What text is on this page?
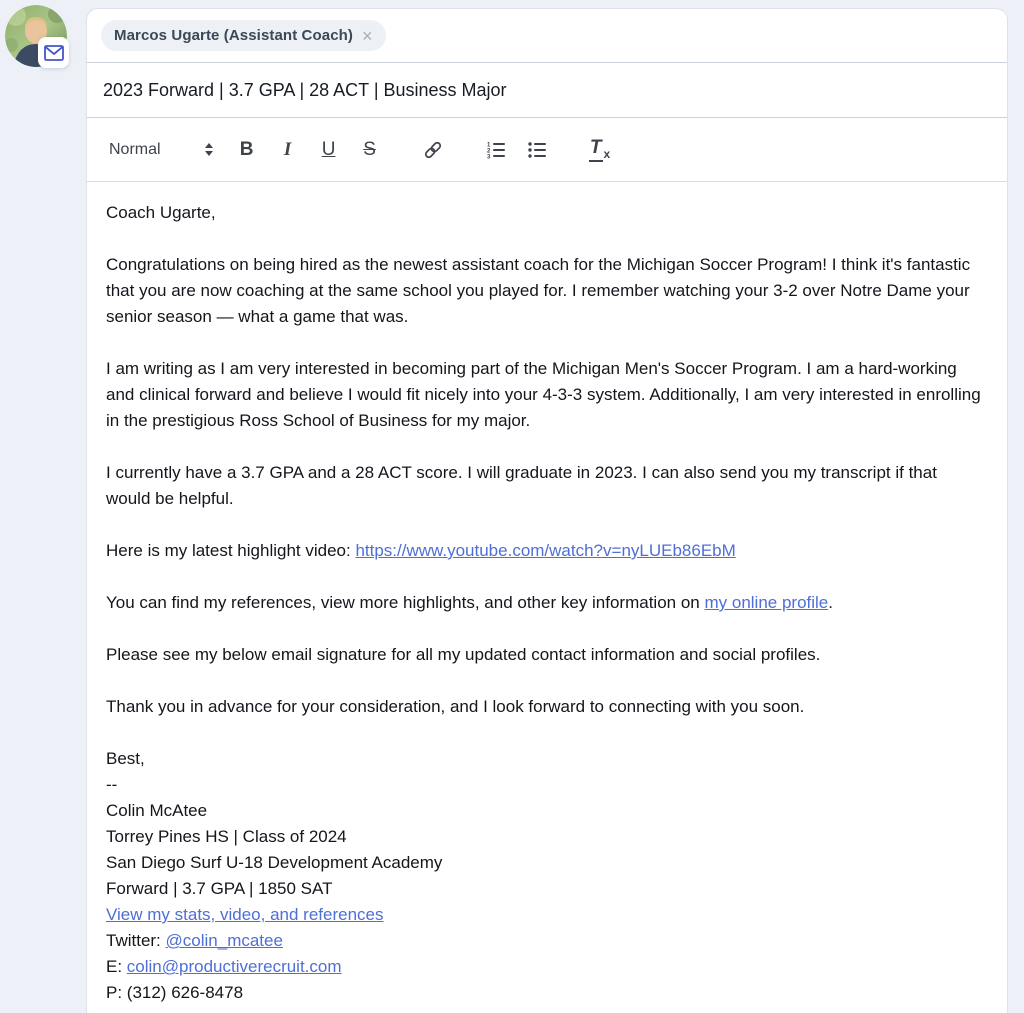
Marcos Ugarte (Assistant Coach) ×
2023 Forward | 3.7 GPA | 28 ACT | Business Major
Normal	B	I	U S	1
2
3	T x

Coach Ugarte,

Congratulations on being hired as the newest assistant coach for the Michigan Soccer Program! I think it's fantastic that you are now coaching at the same school you played for. I remember watching your 3-2 over Notre Dame your senior season — what a game that was.

I am writing as I am very interested in becoming part of the Michigan Men's Soccer Program. I am a hard-working and clinical forward and believe I would fit nicely into your 4-3-3 system. Additionally, I am very interested in enrolling in the prestigious Ross School of Business for my major.

I currently have a 3.7 GPA and a 28 ACT score. I will graduate in 2023. I can also send you my transcript if that would be helpful.

Here is my latest highlight video: https://www.youtube.com/watch?v=nyLUEb86EbM

You can find my references, view more highlights, and other key information on my online profile.

Please see my below email signature for all my updated contact information and social profiles.

Thank you in advance for your consideration, and I look forward to connecting with you soon.

Best,
--
Colin McAtee
Torrey Pines HS | Class of 2024
San Diego Surf U-18 Development Academy
Forward | 3.7 GPA | 1850 SAT
View my stats, video, and references
Twitter: @colin_mcatee
E: colin@productiverecruit.com
P: (312) 626-8478
